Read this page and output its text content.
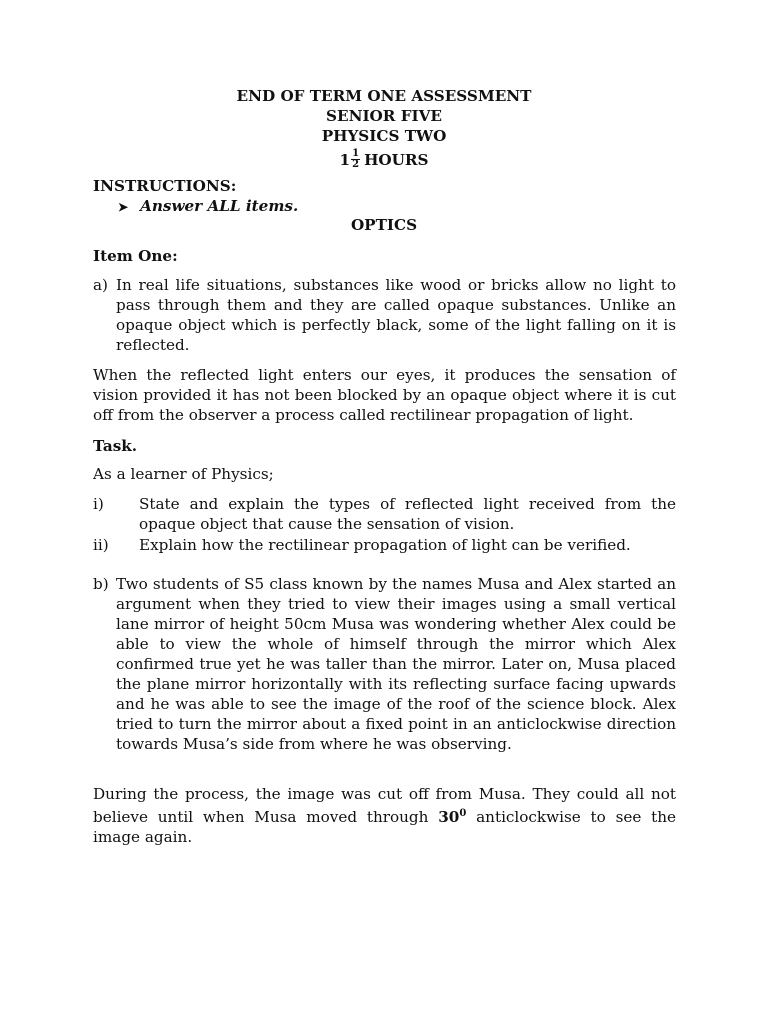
END OF TERM ONE ASSESSMENT
SENIOR FIVE
PHYSICS TWO
$1 \frac{1}{2}$ HOURS
INSTRUCTIONS:
➤ Answer ALL items.
OPTICS
Item One:
a) In real life situations, substances like wood or bricks allow no light to pass through them and they are called opaque substances. Unlike an opaque object which is perfectly black, some of the light falling on it is reflected.
When the reflected light enters our eyes, it produces the sensation of vision provided it has not been blocked by an opaque object where it is cut off from the observer a process called rectilinear propagation of light.
Task.
As a learner of Physics;
i) State and explain the types of reflected light received from the opaque object that cause the sensation of vision.
ii) Explain how the rectilinear propagation of light can be verified.
b) Two students of S5 class known by the names Musa and Alex started an argument when they tried to view their images using a small vertical lane mirror of height 50cm Musa was wondering whether Alex could be able to view the whole of himself through the mirror which Alex confirmed true yet he was taller than the mirror. Later on, Musa placed the plane mirror horizontally with its reflecting surface facing upwards and he was able to see the image of the roof of the science block. Alex tried to turn the mirror about a fixed point in an anticlockwise direction towards Musa’s side from where he was observing.
During the process, the image was cut off from Musa. They could all not believe until when Musa moved through $30^0$ anticlockwise to see the image again.
